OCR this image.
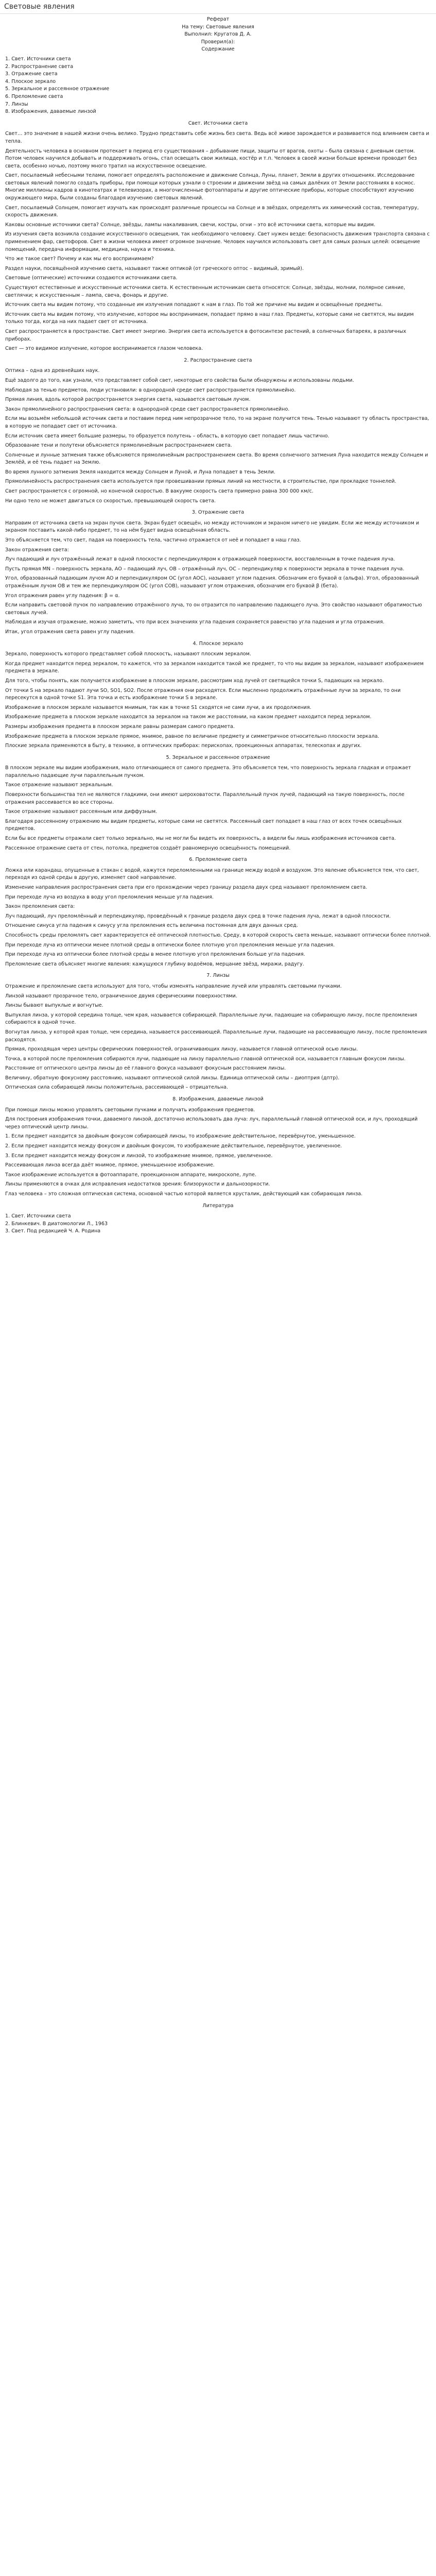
Световые явления
Реферат
На тему: Световые явления
Выполнил: Кругатов Д. А.
Проверил(а):
Содержание
1. Свет. Источники света
2. Распространение света
3. Отражение света
4. Плоское зеркало
5. Зеркальное и рассеянное отражение
6. Преломление света
7. Линзы
8. Изображения, даваемые линзой
Свет. Источники света
Свет… это значение в нашей жизни очень велико. Трудно представить себе жизнь без света. Ведь всё живое зарождается и развивается под влиянием света и тепла.
Деятельность человека в основном протекает в период его существования – добывание пищи, защиты от врагов, охоты – была связана с дневным светом. Потом человек научился добывать и поддерживать огонь, стал освещать свои жилища, костёр и т.п. Человек в своей жизни больше времени проводит без света, особенно ночью, поэтому много тратил на искусственное освещение.
Свет, посылаемый небесными телами, помогает определять расположение и движение Солнца, Луны, планет, Земли в других отношениях. Исследование световых явлений помогло создать приборы, при помощи которых узнали о строении и движении звёзд на самых далёких от Земли расстояниях в космос. Многие миллионы кадров в кинотеатрах и телевизорах, а многочисленные фотоаппараты и другие оптические приборы, которые способствуют изучению окружающего мира, были созданы благодаря изучению световых явлений.
Свет, посылаемый Солнцем, помогает изучать как происходят различные процессы на Солнце и в звёздах, определять их химический состав, температуру, скорость движения.
Каковы основные источники света? Солнце, звёзды, лампы накаливания, свечи, костры, огни – это всё источники света, которые мы видим.
Из изучения света возникла создание искусственного освещения, так необходимого человеку. Свет нужен везде: безопасность движения транспорта связана с применением фар, светофоров. Свет в жизни человека имеет огромное значение. Человек научился использовать свет для самых разных целей: освещение помещений, передача информации, медицина, наука и техника.
Что же такое свет? Почему и как мы его воспринимаем?
Раздел науки, посвящённой изучению света, называют также оптикой (от греческого оптос – видимый, зримый).
Световые (оптические) источники создаются источниками света.
Существуют естественные и искусственные источники света. К естественным источникам света относятся: Солнце, звёзды, молнии, полярное сияние, светлячки; к искусственным – лампа, свеча, фонарь и другие.
Источник света мы видим потому, что созданные им излучения попадают к нам в глаз. По той же причине мы видим и освещённые предметы.
Источник света мы видим потому, что излучение, которое мы воспринимаем, попадает прямо в наш глаз. Предметы, которые сами не светятся, мы видим только тогда, когда на них падает свет от источника.
Свет распространяется в пространстве. Свет имеет энергию. Энергия света используется в фотосинтезе растений, в солнечных батареях, в различных приборах.
Свет — это видимое излучение, которое воспринимается глазом человека.
2. Распространение света
Оптика – одна из древнейших наук.
Ещё задолго до того, как узнали, что представляет собой свет, некоторые его свойства были обнаружены и использованы людьми.
Наблюдая за тенью предметов, люди установили: в однородной среде свет распространяется прямолинейно.
Прямая линия, вдоль которой распространяется энергия света, называется световым лучом.
Закон прямолинейного распространения света: в однородной среде свет распространяется прямолинейно.
Если мы возьмём небольшой источник света и поставим перед ним непрозрачное тело, то на экране получится тень. Тенью называют ту область пространства, в которую не попадает свет от источника.
Если источник света имеет большие размеры, то образуется полутень – область, в которую свет попадает лишь частично.
Образование тени и полутени объясняется прямолинейным распространением света.
Солнечные и лунные затмения также объясняются прямолинейным распространением света. Во время солнечного затмения Луна находится между Солнцем и Землёй, и её тень падает на Землю.
Во время лунного затмения Земля находится между Солнцем и Луной, и Луна попадает в тень Земли.
Прямолинейность распространения света используется при провешивании прямых линий на местности, в строительстве, при прокладке тоннелей.
Свет распространяется с огромной, но конечной скоростью. В вакууме скорость света примерно равна 300 000 км/с.
Ни одно тело не может двигаться со скоростью, превышающей скорость света.
3. Отражение света
Направим от источника света на экран пучок света. Экран будет освещён, но между источником и экраном ничего не увидим. Если же между источником и экраном поставить какой-либо предмет, то на нём будет видна освещённая область.
Это объясняется тем, что свет, падая на поверхность тела, частично отражается от неё и попадает в наш глаз.
Закон отражения света:
Луч падающий и луч отражённый лежат в одной плоскости с перпендикуляром к отражающей поверхности, восставленным в точке падения луча.
Пусть прямая MN – поверхность зеркала, AO – падающий луч, OB – отражённый луч, OC – перпендикуляр к поверхности зеркала в точке падения луча.
Угол, образованный падающим лучом AO и перпендикуляром OC (угол AOC), называют углом падения. Обозначим его буквой α (альфа). Угол, образованный отражённым лучом OB и тем же перпендикуляром OC (угол COB), называют углом отражения, обозначим его буквой β (бета).
Угол отражения равен углу падения: β = α.
Если направить световой пучок по направлению отражённого луча, то он отразится по направлению падающего луча. Это свойство называют обратимостью световых лучей.
Наблюдая и изучая отражение, можно заметить, что при всех значениях угла падения сохраняется равенство угла падения и угла отражения.
Итак, угол отражения света равен углу падения.
4. Плоское зеркало
Зеркало, поверхность которого представляет собой плоскость, называют плоским зеркалом.
Когда предмет находится перед зеркалом, то кажется, что за зеркалом находится такой же предмет, то что мы видим за зеркалом, называют изображением предмета в зеркале.
Для того, чтобы понять, как получается изображение в плоском зеркале, рассмотрим ход лучей от светящейся точки S, падающих на зеркало.
От точки S на зеркало падают лучи SO, SO1, SO2. После отражения они расходятся. Если мысленно продолжить отражённые лучи за зеркало, то они пересекутся в одной точке S1. Эта точка и есть изображение точки S в зеркале.
Изображение в плоском зеркале называется мнимым, так как в точке S1 сходятся не сами лучи, а их продолжения.
Изображение предмета в плоском зеркале находится за зеркалом на таком же расстоянии, на каком предмет находится перед зеркалом.
Размеры изображения предмета в плоском зеркале равны размерам самого предмета.
Изображение предмета в плоском зеркале прямое, мнимое, равное по величине предмету и симметричное относительно плоскости зеркала.
Плоские зеркала применяются в быту, в технике, в оптических приборах: перископах, проекционных аппаратах, телескопах и других.
5. Зеркальное и рассеянное отражение
В плоском зеркале мы видим изображения, мало отличающиеся от самого предмета. Это объясняется тем, что поверхность зеркала гладкая и отражает параллельно падающие лучи параллельным пучком.
Такое отражение называют зеркальным.
Поверхности большинства тел не являются гладкими, они имеют шероховатости. Параллельный пучок лучей, падающий на такую поверхность, после отражения рассеивается во все стороны.
Такое отражение называют рассеянным или диффузным.
Благодаря рассеянному отражению мы видим предметы, которые сами не светятся. Рассеянный свет попадает в наш глаз от всех точек освещённых предметов.
Если бы все предметы отражали свет только зеркально, мы не могли бы видеть их поверхность, а видели бы лишь изображения источников света.
Рассеянное отражение света от стен, потолка, предметов создаёт равномерную освещённость помещений.
6. Преломление света
Ложка или карандаш, опущенные в стакан с водой, кажутся переломленными на границе между водой и воздухом. Это явление объясняется тем, что свет, переходя из одной среды в другую, изменяет своё направление.
Изменение направления распространения света при его прохождении через границу раздела двух сред называют преломлением света.
При переходе луча из воздуха в воду угол преломления меньше угла падения.
Закон преломления света:
Луч падающий, луч преломлённый и перпендикуляр, проведённый к границе раздела двух сред в точке падения луча, лежат в одной плоскости.
Отношение синуса угла падения к синусу угла преломления есть величина постоянная для двух данных сред.
Способность среды преломлять свет характеризуется её оптической плотностью. Среду, в которой скорость света меньше, называют оптически более плотной.
При переходе луча из оптически менее плотной среды в оптически более плотную угол преломления меньше угла падения.
При переходе луча из оптически более плотной среды в менее плотную угол преломления больше угла падения.
Преломление света объясняет многие явления: кажущуюся глубину водоёмов, мерцание звёзд, миражи, радугу.
7. Линзы
Отражение и преломление света используют для того, чтобы изменять направление лучей или управлять световыми пучками.
Линзой называют прозрачное тело, ограниченное двумя сферическими поверхностями.
Линзы бывают выпуклые и вогнутые.
Выпуклая линза, у которой середина толще, чем края, называется собирающей. Параллельные лучи, падающие на собирающую линзу, после преломления собираются в одной точке.
Вогнутая линза, у которой края толще, чем середина, называется рассеивающей. Параллельные лучи, падающие на рассеивающую линзу, после преломления расходятся.
Прямая, проходящая через центры сферических поверхностей, ограничивающих линзу, называется главной оптической осью линзы.
Точка, в которой после преломления собираются лучи, падающие на линзу параллельно главной оптической оси, называется главным фокусом линзы.
Расстояние от оптического центра линзы до её главного фокуса называют фокусным расстоянием линзы.
Величину, обратную фокусному расстоянию, называют оптической силой линзы. Единица оптической силы – диоптрия (дптр).
Оптическая сила собирающей линзы положительна, рассеивающей – отрицательна.
8. Изображения, даваемые линзой
При помощи линзы можно управлять световыми пучками и получать изображения предметов.
Для построения изображения точки, даваемого линзой, достаточно использовать два луча: луч, параллельный главной оптической оси, и луч, проходящий через оптический центр линзы.
1. Если предмет находится за двойным фокусом собирающей линзы, то изображение действительное, перевёрнутое, уменьшенное.
2. Если предмет находится между фокусом и двойным фокусом, то изображение действительное, перевёрнутое, увеличенное.
3. Если предмет находится между фокусом и линзой, то изображение мнимое, прямое, увеличенное.
Рассеивающая линза всегда даёт мнимое, прямое, уменьшенное изображение.
Такое изображение используется в фотоаппарате, проекционном аппарате, микроскопе, лупе.
Линзы применяются в очках для исправления недостатков зрения: близорукости и дальнозоркости.
Глаз человека – это сложная оптическая система, основной частью которой является хрусталик, действующий как собирающая линза.
Литература
1. Свет. Источники света
2. Блинкевич. В диатомологии Л., 1963
3. Свет. Под редакцией Ч. А. Родина
